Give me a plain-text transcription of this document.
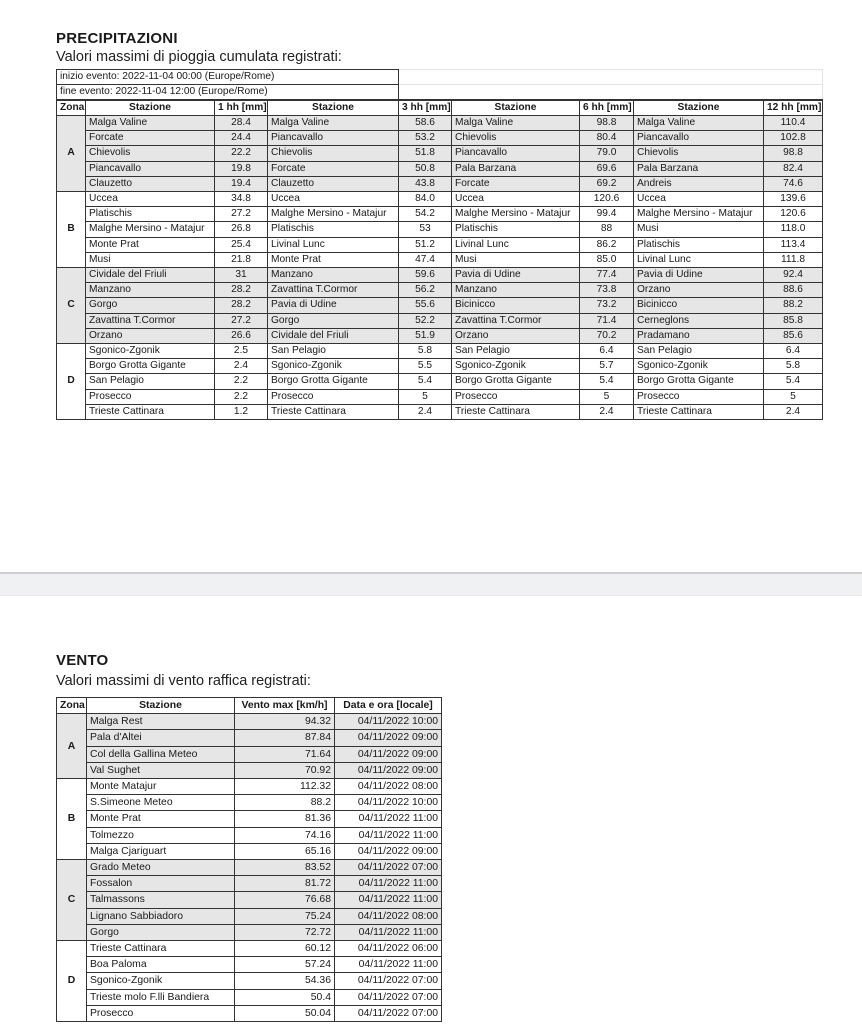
PRECIPITAZIONI
Valori massimi di pioggia cumulata registrati:
inizio evento: 2022-11-04 00:00 (Europe/Rome)	
fine evento: 2022-11-04 12:00 (Europe/Rome)	
Zona	Stazione	1 hh [mm]	Stazione	3 hh [mm]	Stazione	6 hh [mm]	Stazione	12 hh [mm]
A	Malga Valine	28.4	Malga Valine	58.6	Malga Valine	98.8	Malga Valine	110.4
	Forcate	24.4	Piancavallo	53.2	Chievolis	80.4	Piancavallo	102.8
	Chievolis	22.2	Chievolis	51.8	Piancavallo	79.0	Chievolis	98.8
	Piancavallo	19.8	Forcate	50.8	Pala Barzana	69.6	Pala Barzana	82.4
	Clauzetto	19.4	Clauzetto	43.8	Forcate	69.2	Andreis	74.6
B	Uccea	34.8	Uccea	84.0	Uccea	120.6	Uccea	139.6
	Platischis	27.2	Malghe Mersino - Matajur	54.2	Malghe Mersino - Matajur	99.4	Malghe Mersino - Matajur	120.6
	Malghe Mersino - Matajur	26.8	Platischis	53	Platischis	88	Musi	118.0
	Monte Prat	25.4	Livinal Lunc	51.2	Livinal Lunc	86.2	Platischis	113.4
	Musi	21.8	Monte Prat	47.4	Musi	85.0	Livinal Lunc	111.8
C	Cividale del Friuli	31	Manzano	59.6	Pavia di Udine	77.4	Pavia di Udine	92.4
	Manzano	28.2	Zavattina T.Cormor	56.2	Manzano	73.8	Orzano	88.6
	Gorgo	28.2	Pavia di Udine	55.6	Bicinicco	73.2	Bicinicco	88.2
	Zavattina T.Cormor	27.2	Gorgo	52.2	Zavattina T.Cormor	71.4	Cerneglons	85.8
	Orzano	26.6	Cividale del Friuli	51.9	Orzano	70.2	Pradamano	85.6
D	Sgonico-Zgonik	2.5	San Pelagio	5.8	San Pelagio	6.4	San Pelagio	6.4
	Borgo Grotta Gigante	2.4	Sgonico-Zgonik	5.5	Sgonico-Zgonik	5.7	Sgonico-Zgonik	5.8
	San Pelagio	2.2	Borgo Grotta Gigante	5.4	Borgo Grotta Gigante	5.4	Borgo Grotta Gigante	5.4
	Prosecco	2.2	Prosecco	5	Prosecco	5	Prosecco	5
	Trieste Cattinara	1.2	Trieste Cattinara	2.4	Trieste Cattinara	2.4	Trieste Cattinara	2.4
VENTO
Valori massimi di vento raffica registrati:
Zona	Stazione	Vento max [km/h]	Data e ora [locale]
A	Malga Rest	94.32	04/11/2022 10:00
	Pala d'Altei	87.84	04/11/2022 09:00
	Col della Gallina Meteo	71.64	04/11/2022 09:00
	Val Sughet	70.92	04/11/2022 09:00
B	Monte Matajur	112.32	04/11/2022 08:00
	S.Simeone Meteo	88.2	04/11/2022 10:00
	Monte Prat	81.36	04/11/2022 11:00
	Tolmezzo	74.16	04/11/2022 11:00
	Malga Cjariguart	65.16	04/11/2022 09:00
C	Grado Meteo	83.52	04/11/2022 07:00
	Fossalon	81.72	04/11/2022 11:00
	Talmassons	76.68	04/11/2022 11:00
	Lignano Sabbiadoro	75.24	04/11/2022 08:00
	Gorgo	72.72	04/11/2022 11:00
D	Trieste Cattinara	60.12	04/11/2022 06:00
	Boa Paloma	57.24	04/11/2022 11:00
	Sgonico-Zgonik	54.36	04/11/2022 07:00
	Trieste molo F.lli Bandiera	50.4	04/11/2022 07:00
	Prosecco	50.04	04/11/2022 07:00
